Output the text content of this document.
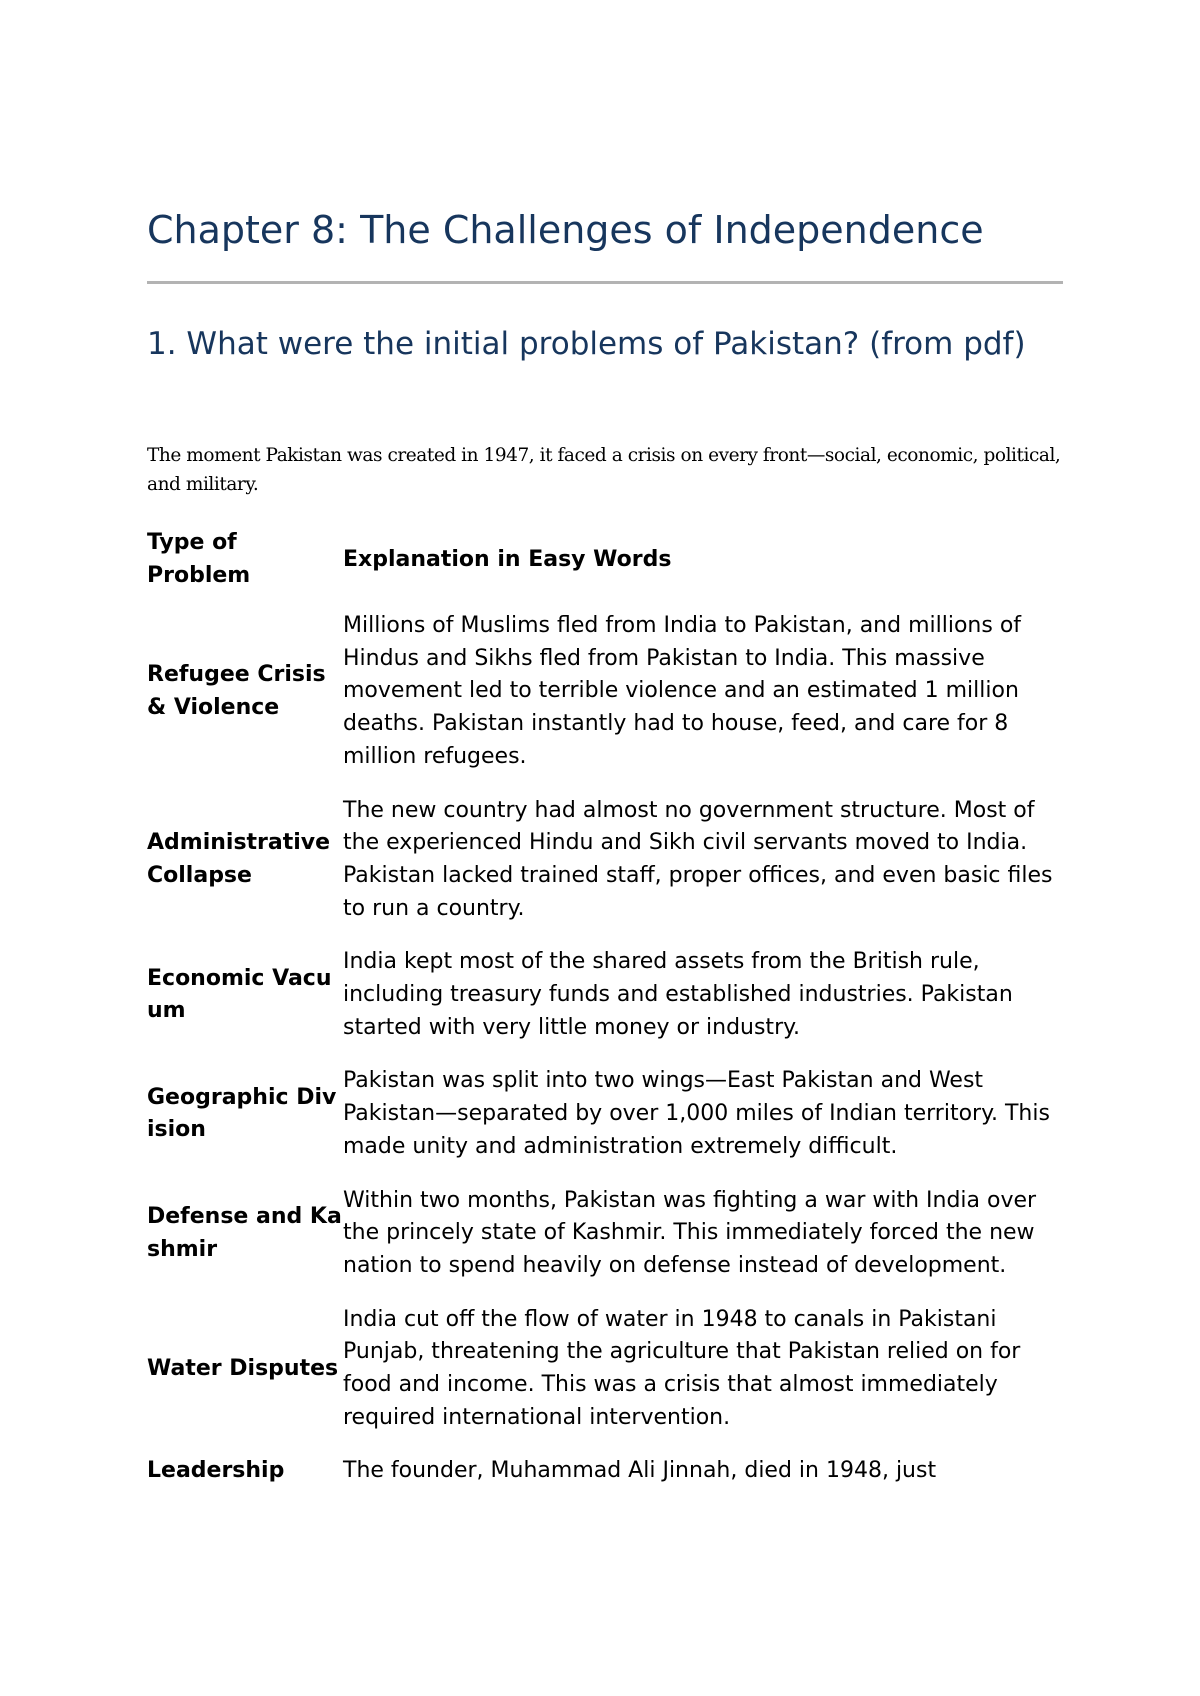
Chapter 8: The Challenges of Independence
1. What were the initial problems of Pakistan? (from pdf)

The moment Pakistan was created in 1947, it faced a crisis on every front—social, economic, political, and military.

Type of Problem	Explanation in Easy Words
Refugee Crisis & Violence	Millions of Muslims fled from India to Pakistan, and millions of Hindus and Sikhs fled from Pakistan to India. This massive movement led to terrible violence and an estimated 1 million deaths. Pakistan instantly had to house, feed, and care for 8 million refugees.
Administrative Collapse	The new country had almost no government structure. Most of the experienced Hindu and Sikh civil servants moved to India. Pakistan lacked trained staff, proper offices, and even basic files to run a country.
Economic Vacuum	India kept most of the shared assets from the British rule, including treasury funds and established industries. Pakistan started with very little money or industry.
Geographic Division	Pakistan was split into two wings—East Pakistan and West Pakistan—separated by over 1,000 miles of Indian territory. This made unity and administration extremely difficult.
Defense and Kashmir	Within two months, Pakistan was fighting a war with India over the princely state of Kashmir. This immediately forced the new nation to spend heavily on defense instead of development.
Water Disputes	India cut off the flow of water in 1948 to canals in Pakistani Punjab, threatening the agriculture that Pakistan relied on for food and income. This was a crisis that almost immediately required international intervention.
Leadership	The founder, Muhammad Ali Jinnah, died in 1948, just
